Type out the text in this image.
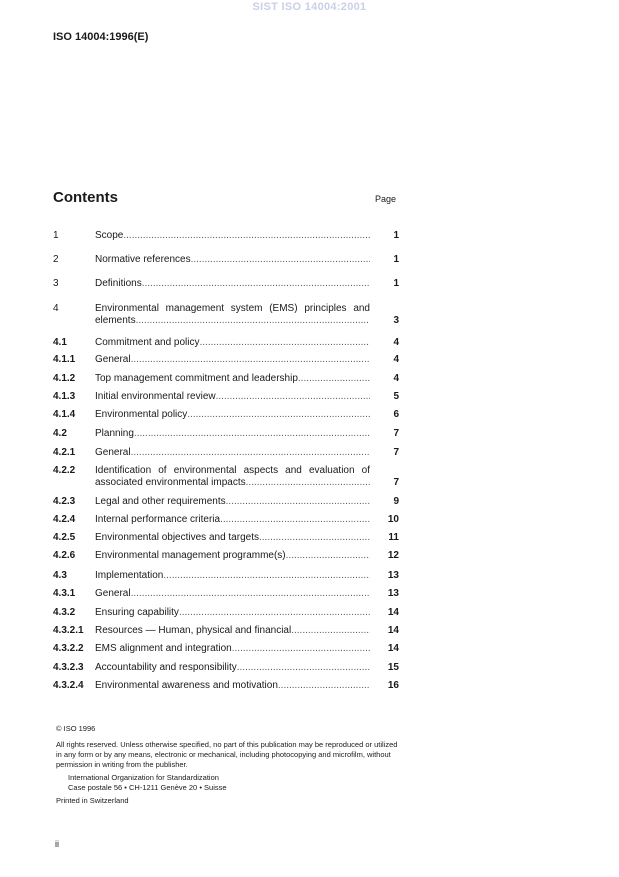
SIST ISO 14004:2001
ISO 14004:1996(E)
Contents	Page
1	Scope .....	1
2	Normative references .....	1
3	Definitions .....	1
4	Environmental management system (EMS) principles and
elements .....	3
4.1	Commitment and policy .....	4
4.1.1 General .....	4
4.1.2 Top management commitment and leadership .....	4
4.1.3 Initial environmental review .....	5
4.1.4 Environmental policy .....	6
4.2	Planning .....	7
4.2.1 General .....	7
4.2.2 Identification of environmental aspects and evaluation of
associated environmental impacts .....	7
4.2.3 Legal and other requirements .....	9
4.2.4 Internal performance criteria .....	10
4.2.5 Environmental objectives and targets .....	11
4.2.6 Environmental management programme(s) .....	12
4.3	Implementation .....	13
4.3.1 General .....	13
4.3.2 Ensuring capability .....	14
4.3.2.1 Resources — Human, physical and financial .....	14
4.3.2.2 EMS alignment and integration .....	14
4.3.2.3 Accountability and responsibility .....	15
4.3.2.4 Environmental awareness and motivation .....	16

© ISO 1996

All rights reserved. Unless otherwise specified, no part of this publication may be reproduced or utilized in any form or by any means, electronic or mechanical, including photocopying and microfilm, without permission in writing from the publisher.

International Organization for Standardization

Case postale 56 • CH-1211 Genève 20 • Suisse

Printed in Switzerland

ii
